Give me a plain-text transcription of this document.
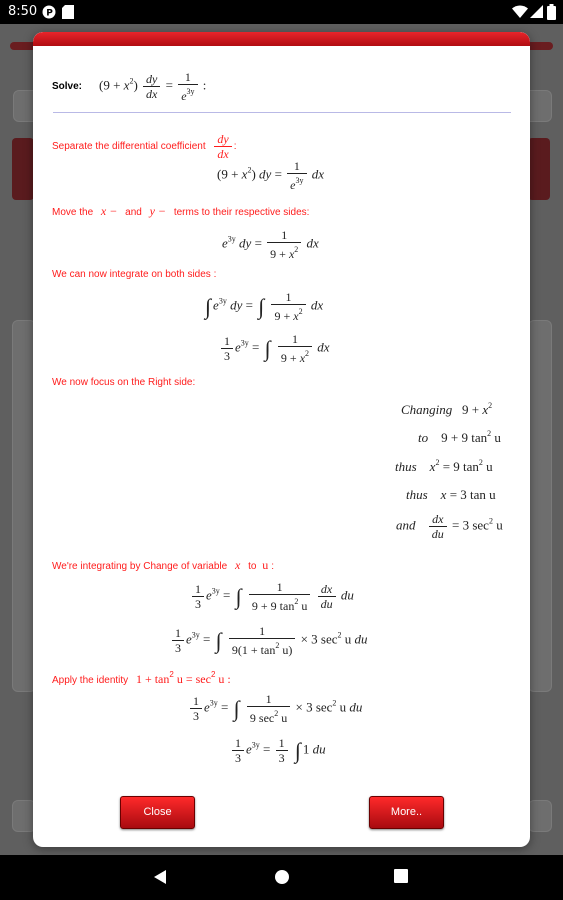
8:50 P
Solve: $(9 + x^2) \frac{dy}{dx} = \frac{1}{e^{3y}}$ :
Separate the differential coefficient $\frac{dy}{dx}$ :
$(9 + x^2)$ dy = $\frac{1}{e^{3y}}$ dx
Move the x − and y − terms to their respective sides:
$e^{3y}$ dy = $\frac{1}{9 + x^2}$ dx
We can now integrate on both sides :
∫ $e^{3y}$ dy = ∫ $\frac{1}{9 + x^2}$ dx
$\frac{1}{3} e^{3y}$ = ∫ $\frac{1}{9 + x^2}$ dx
We now focus on the Right side:
Changing   $9 + x^2$
to    9 + 9 $\tan^2 u$
thus    $x^2 = 9$ $\tan^2 u$
thus    x = 3 tan u
and $\frac{dx}{du} = 3$ $\sec^2 u$
We're integrating by Change of variable x to u :
$\frac{1}{3} e^{3y}$ = ∫ $\frac{1}{9 + 9 \tan^2 u}$
$\frac{dx}{du}$ du
$\frac{1}{3} e^{3y}$ = ∫ $\frac{1}{9(1 + \tan^2 u)} \times 3$ $\sec^2 u$ du
Apply the identity $1 + \tan^2 u = \sec^2 u$ :
$\frac{1}{3} e^{3y}$ = ∫ $\frac{1}{9 \sec^2 u} \times 3$ $\sec^2 u$ du
$\frac{1}{3} e^{3y} = \frac{1}{3}$ ∫ 1 du
Close	More..
